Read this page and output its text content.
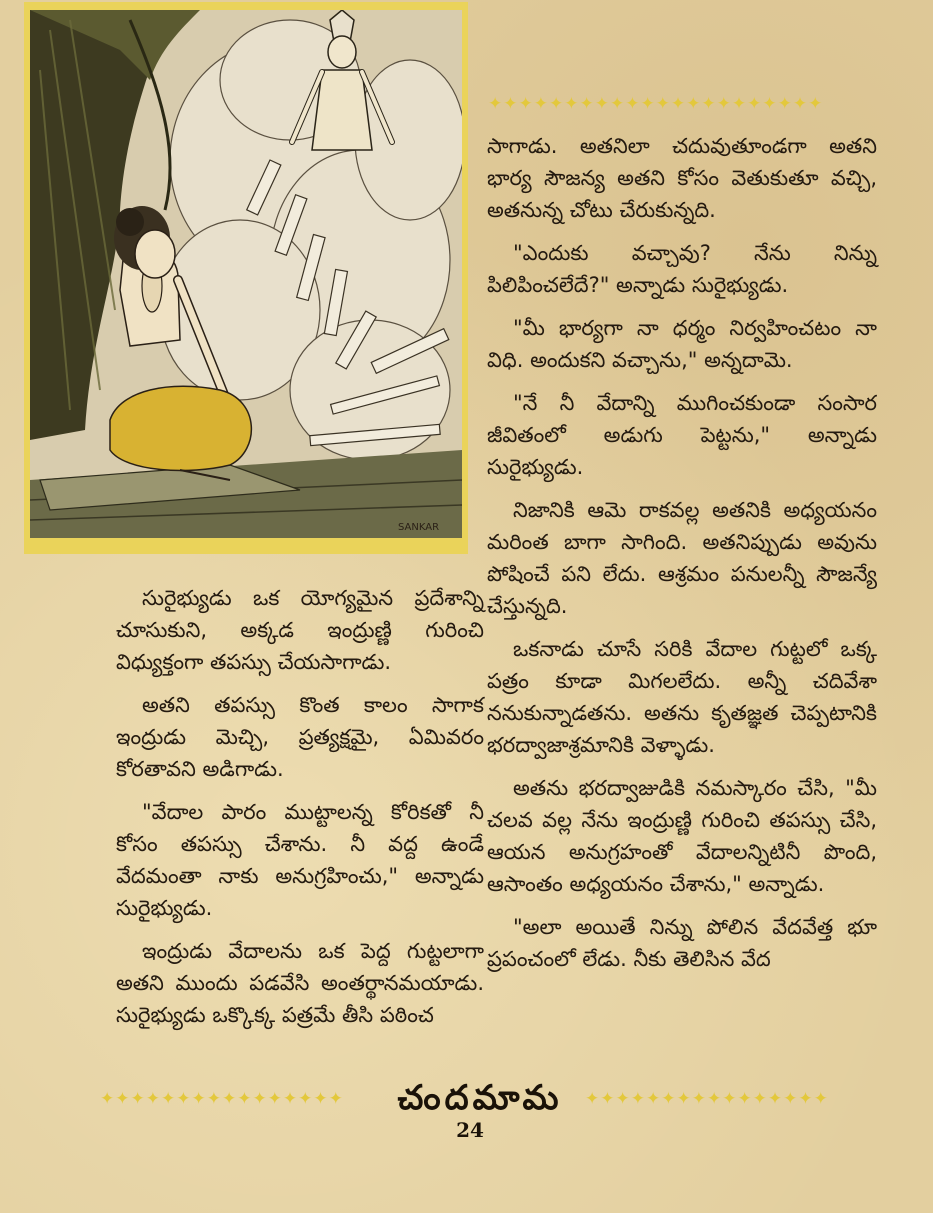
SANKAR
✦✦✦✦✦✦✦✦✦✦✦✦✦✦✦✦✦✦✦✦✦✦
✦✦✦✦✦✦✦✦✦✦✦✦✦✦✦✦	✦✦✦✦✦✦✦✦✦✦✦✦✦✦✦✦

సురైభ్యుడు ఒక యోగ్యమైన ప్రదేశాన్ని చూసుకుని, అక్కడ ఇంద్రుణ్ణి గురించి విధ్యుక్తంగా తపస్సు చేయసాగాడు.

అతని తపస్సు కొంత కాలం సాగాక ఇంద్రుడు మెచ్చి, ప్రత్యక్షమై, ఏమివరం కోరతావని అడిగాడు.

"వేదాల పారం ముట్టాలన్న కోరికతో నీ కోసం తపస్సు చేశాను. నీ వద్ద ఉండే వేదమంతా నాకు అనుగ్రహించు," అన్నాడు సురైభ్యుడు.

ఇంద్రుడు వేదాలను ఒక పెద్ద గుట్టలాగా అతని ముందు పడవేసి అంతర్థానమయాడు. సురైభ్యుడు ఒక్కొక్క పత్రమే తీసి పఠించ

సాగాడు. అతనిలా చదువుతూండగా అతని భార్య సౌజన్య అతని కోసం వెతుకుతూ వచ్చి, అతనున్న చోటు చేరుకున్నది.

"ఎందుకు వచ్చావు? నేను నిన్ను పిలిపించలేదే?" అన్నాడు సురైభ్యుడు.

"మీ భార్యగా నా ధర్మం నిర్వహించటం నా విధి. అందుకని వచ్చాను," అన్నదామె.

"నే నీ వేదాన్ని ముగించకుండా సంసార జీవితంలో అడుగు పెట్టను," అన్నాడు సురైభ్యుడు.

నిజానికి ఆమె రాకవల్ల అతనికి అధ్యయనం మరింత బాగా సాగింది. అతనిప్పుడు అవును పోషించే పని లేదు. ఆశ్రమం పనులన్నీ సౌజన్యే చేస్తున్నది.

ఒకనాడు చూసే సరికి వేదాల గుట్టలో ఒక్క పత్రం కూడా మిగలలేదు. అన్నీ చదివేశా ననుకున్నాడతను. అతను కృతజ్ఞత చెప్పటానికి భరద్వాజాశ్రమానికి వెళ్ళాడు.

అతను భరద్వాజుడికి నమస్కారం చేసి, "మీ చలవ వల్ల నేను ఇంద్రుణ్ణి గురించి తపస్సు చేసి, ఆయన అనుగ్రహంతో వేదాలన్నిటినీ పొంది, ఆసాంతం అధ్యయనం చేశాను," అన్నాడు.

"అలా అయితే నిన్ను పోలిన వేదవేత్త భూ ప్రపంచంలో లేడు. నీకు తెలిసిన వేద

చందమామ
24
